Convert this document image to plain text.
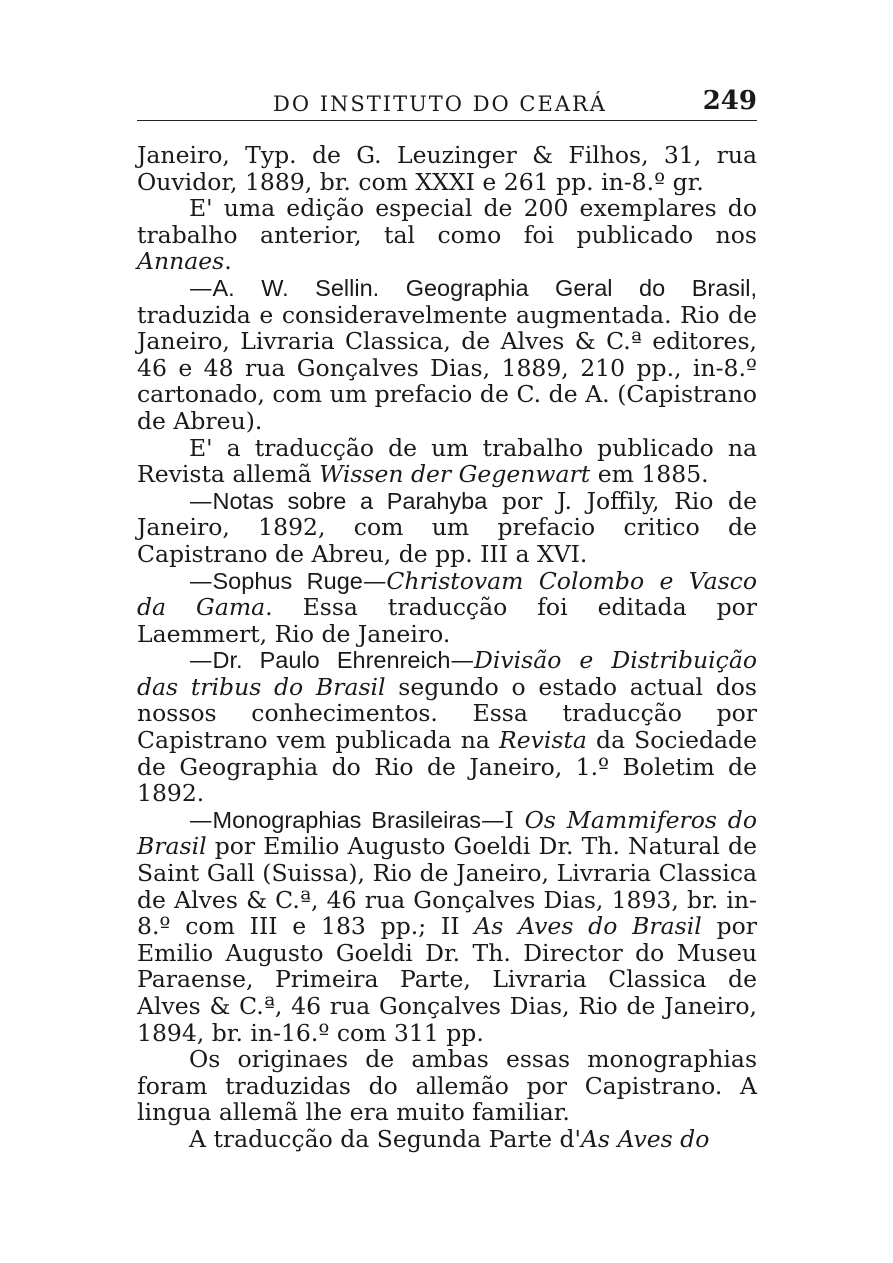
DO INSTITUTO DO CEARÁ	249

Janeiro, Typ. de G. Leuzinger & Filhos, 31, rua Ouvidor, 1889, br. com XXXI e 261 pp. in-8.º gr.

E' uma edição especial de 200 exemplares do trabalho anterior, tal como foi publicado nos Annaes.

—A. W. Sellin. Geographia Geral do Brasil, traduzida e consideravelmente augmentada. Rio de Janeiro, Livraria Classica, de Alves & C.ª editores, 46 e 48 rua Gonçalves Dias, 1889, 210 pp., in-8.º cartonado, com um prefacio de C. de A. (Capistrano de Abreu).

E' a traducção de um trabalho publicado na Revista allemã Wissen der Gegenwart em 1885.

—Notas sobre a Parahyba por J. Joffily, Rio de Janeiro, 1892, com um prefacio critico de Capistrano de Abreu, de pp. III a XVI.

—Sophus Ruge—Christovam Colombo e Vasco da Gama. Essa traducção foi editada por Laemmert, Rio de Janeiro.

—Dr. Paulo Ehrenreich—Divisão e Distribuição das tribus do Brasil segundo o estado actual dos nossos conhecimentos. Essa traducção por Capistrano vem publicada na Revista da Sociedade de Geographia do Rio de Janeiro, 1.º Boletim de 1892.

—Monographias Brasileiras—I Os Mammiferos do Brasil por Emilio Augusto Goeldi Dr. Th. Natural de Saint Gall (Suissa), Rio de Janeiro, Livraria Classica de Alves & C.ª, 46 rua Gonçalves Dias, 1893, br. in-8.º com III e 183 pp.; II As Aves do Brasil por Emilio Augusto Goeldi Dr. Th. Director do Museu Paraense, Primeira Parte, Livraria Classica de Alves & C.ª, 46 rua Gonçalves Dias, Rio de Janeiro, 1894, br. in-16.º com 311 pp.

Os originaes de ambas essas monographias foram traduzidas do allemão por Capistrano. A lingua allemã lhe era muito familiar.

A traducção da Segunda Parte d'As Aves do
